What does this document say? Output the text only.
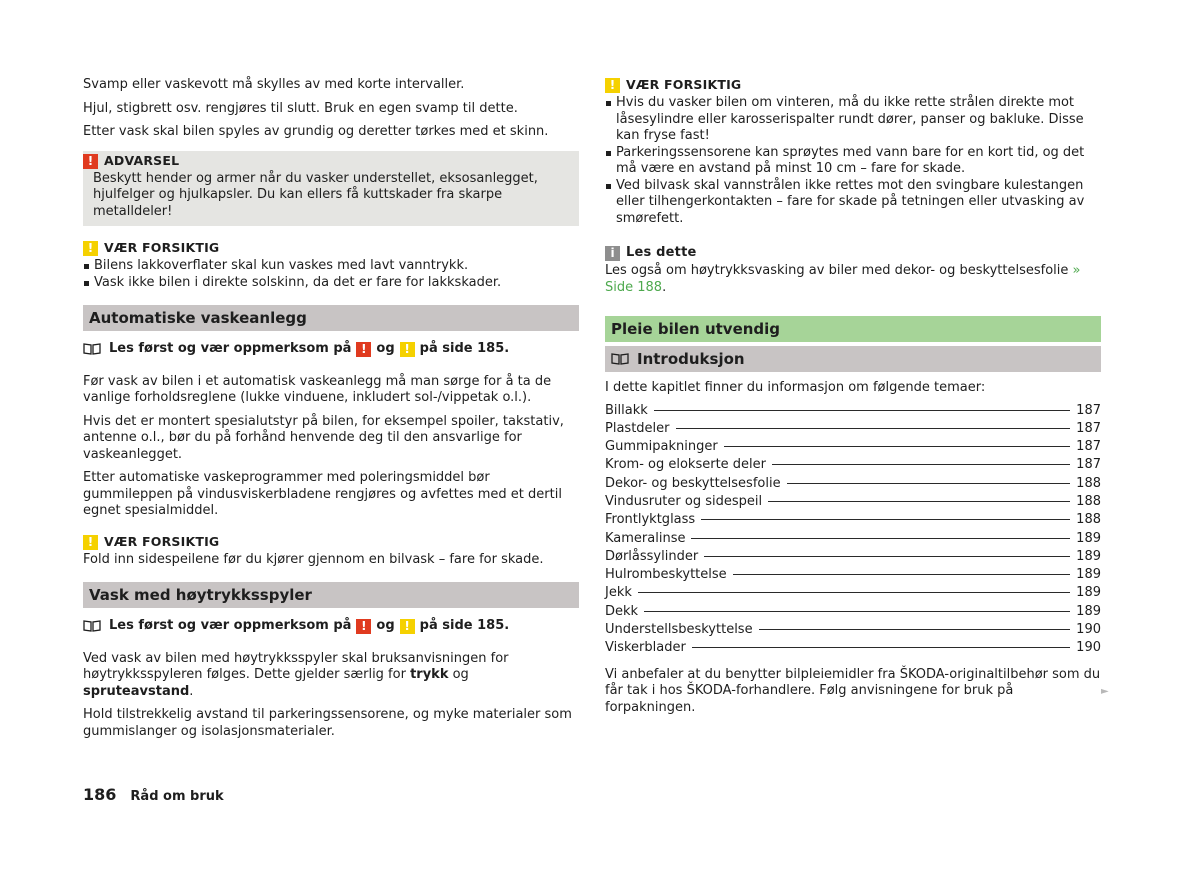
Svamp eller vaskevott må skylles av med korte intervaller.

Hjul, stigbrett osv. rengjøres til slutt. Bruk en egen svamp til dette.

Etter vask skal bilen spyles av grundig og deretter tørkes med et skinn.

! ADVARSEL
Beskytt hender og armer når du vasker understellet, eksosanlegget, hjulfelger og hjulkapsler. Du kan ellers få kuttskader fra skarpe metalldeler!
! VÆR FORSIKTIG
Bilens lakkoverflater skal kun vaskes med lavt vanntrykk.
Vask ikke bilen i direkte solskinn, da det er fare for lakkskader.
Automatiske vaskeanlegg
Les først og vær oppmerksom på ! og ! på side 185.

Før vask av bilen i et automatisk vaskeanlegg må man sørge for å ta de vanlige forholdsreglene (lukke vinduene, inkludert sol-/vippetak o.l.).

Hvis det er montert spesialutstyr på bilen, for eksempel spoiler, takstativ, antenne o.l., bør du på forhånd henvende deg til den ansvarlige for vaskeanlegget.

Etter automatiske vaskeprogrammer med poleringsmiddel bør gummileppen på vindusviskerbladene rengjøres og avfettes med et dertil egnet spesialmiddel.

! VÆR FORSIKTIG
Fold inn sidespeilene før du kjører gjennom en bilvask – fare for skade.
Vask med høytrykksspyler
Les først og vær oppmerksom på ! og ! på side 185.

Ved vask av bilen med høytrykksspyler skal bruksanvisningen for høytrykksspyleren følges. Dette gjelder særlig for trykk og spruteavstand.

Hold tilstrekkelig avstand til parkeringssensorene, og myke materialer som gummislanger og isolasjonsmaterialer.

! VÆR FORSIKTIG
Hvis du vasker bilen om vinteren, må du ikke rette strålen direkte mot låsesylindre eller karosserispalter rundt dører, panser og bakluke. Disse kan fryse fast!
Parkeringssensorene kan sprøytes med vann bare for en kort tid, og det må være en avstand på minst 10 cm – fare for skade.
Ved bilvask skal vannstrålen ikke rettes mot den svingbare kulestangen eller tilhengerkontakten – fare for skade på tetningen eller utvasking av smørefett.
i Les dette
Les også om høytrykksvasking av biler med dekor- og beskyttelsesfolie » Side 188.
Pleie bilen utvendig
Introduksjon

I dette kapitlet finner du informasjon om følgende temaer:

Billakk	187
Plastdeler	187
Gummipakninger	187
Krom- og elokserte deler	187
Dekor- og beskyttelsesfolie	188
Vindusruter og sidespeil	188
Frontlyktglass	188
Kameralinse	189
Dørlåssylinder	189
Hulrombeskyttelse	189
Jekk	189
Dekk	189
Understellsbeskyttelse	190
Viskerblader	190

Vi anbefaler at du benytter bilpleiemidler fra ŠKODA-originaltilbehør som du får tak i hos ŠKODA-forhandlere. Følg anvisningene for bruk på forpakningen.

►
186 Råd om bruk
